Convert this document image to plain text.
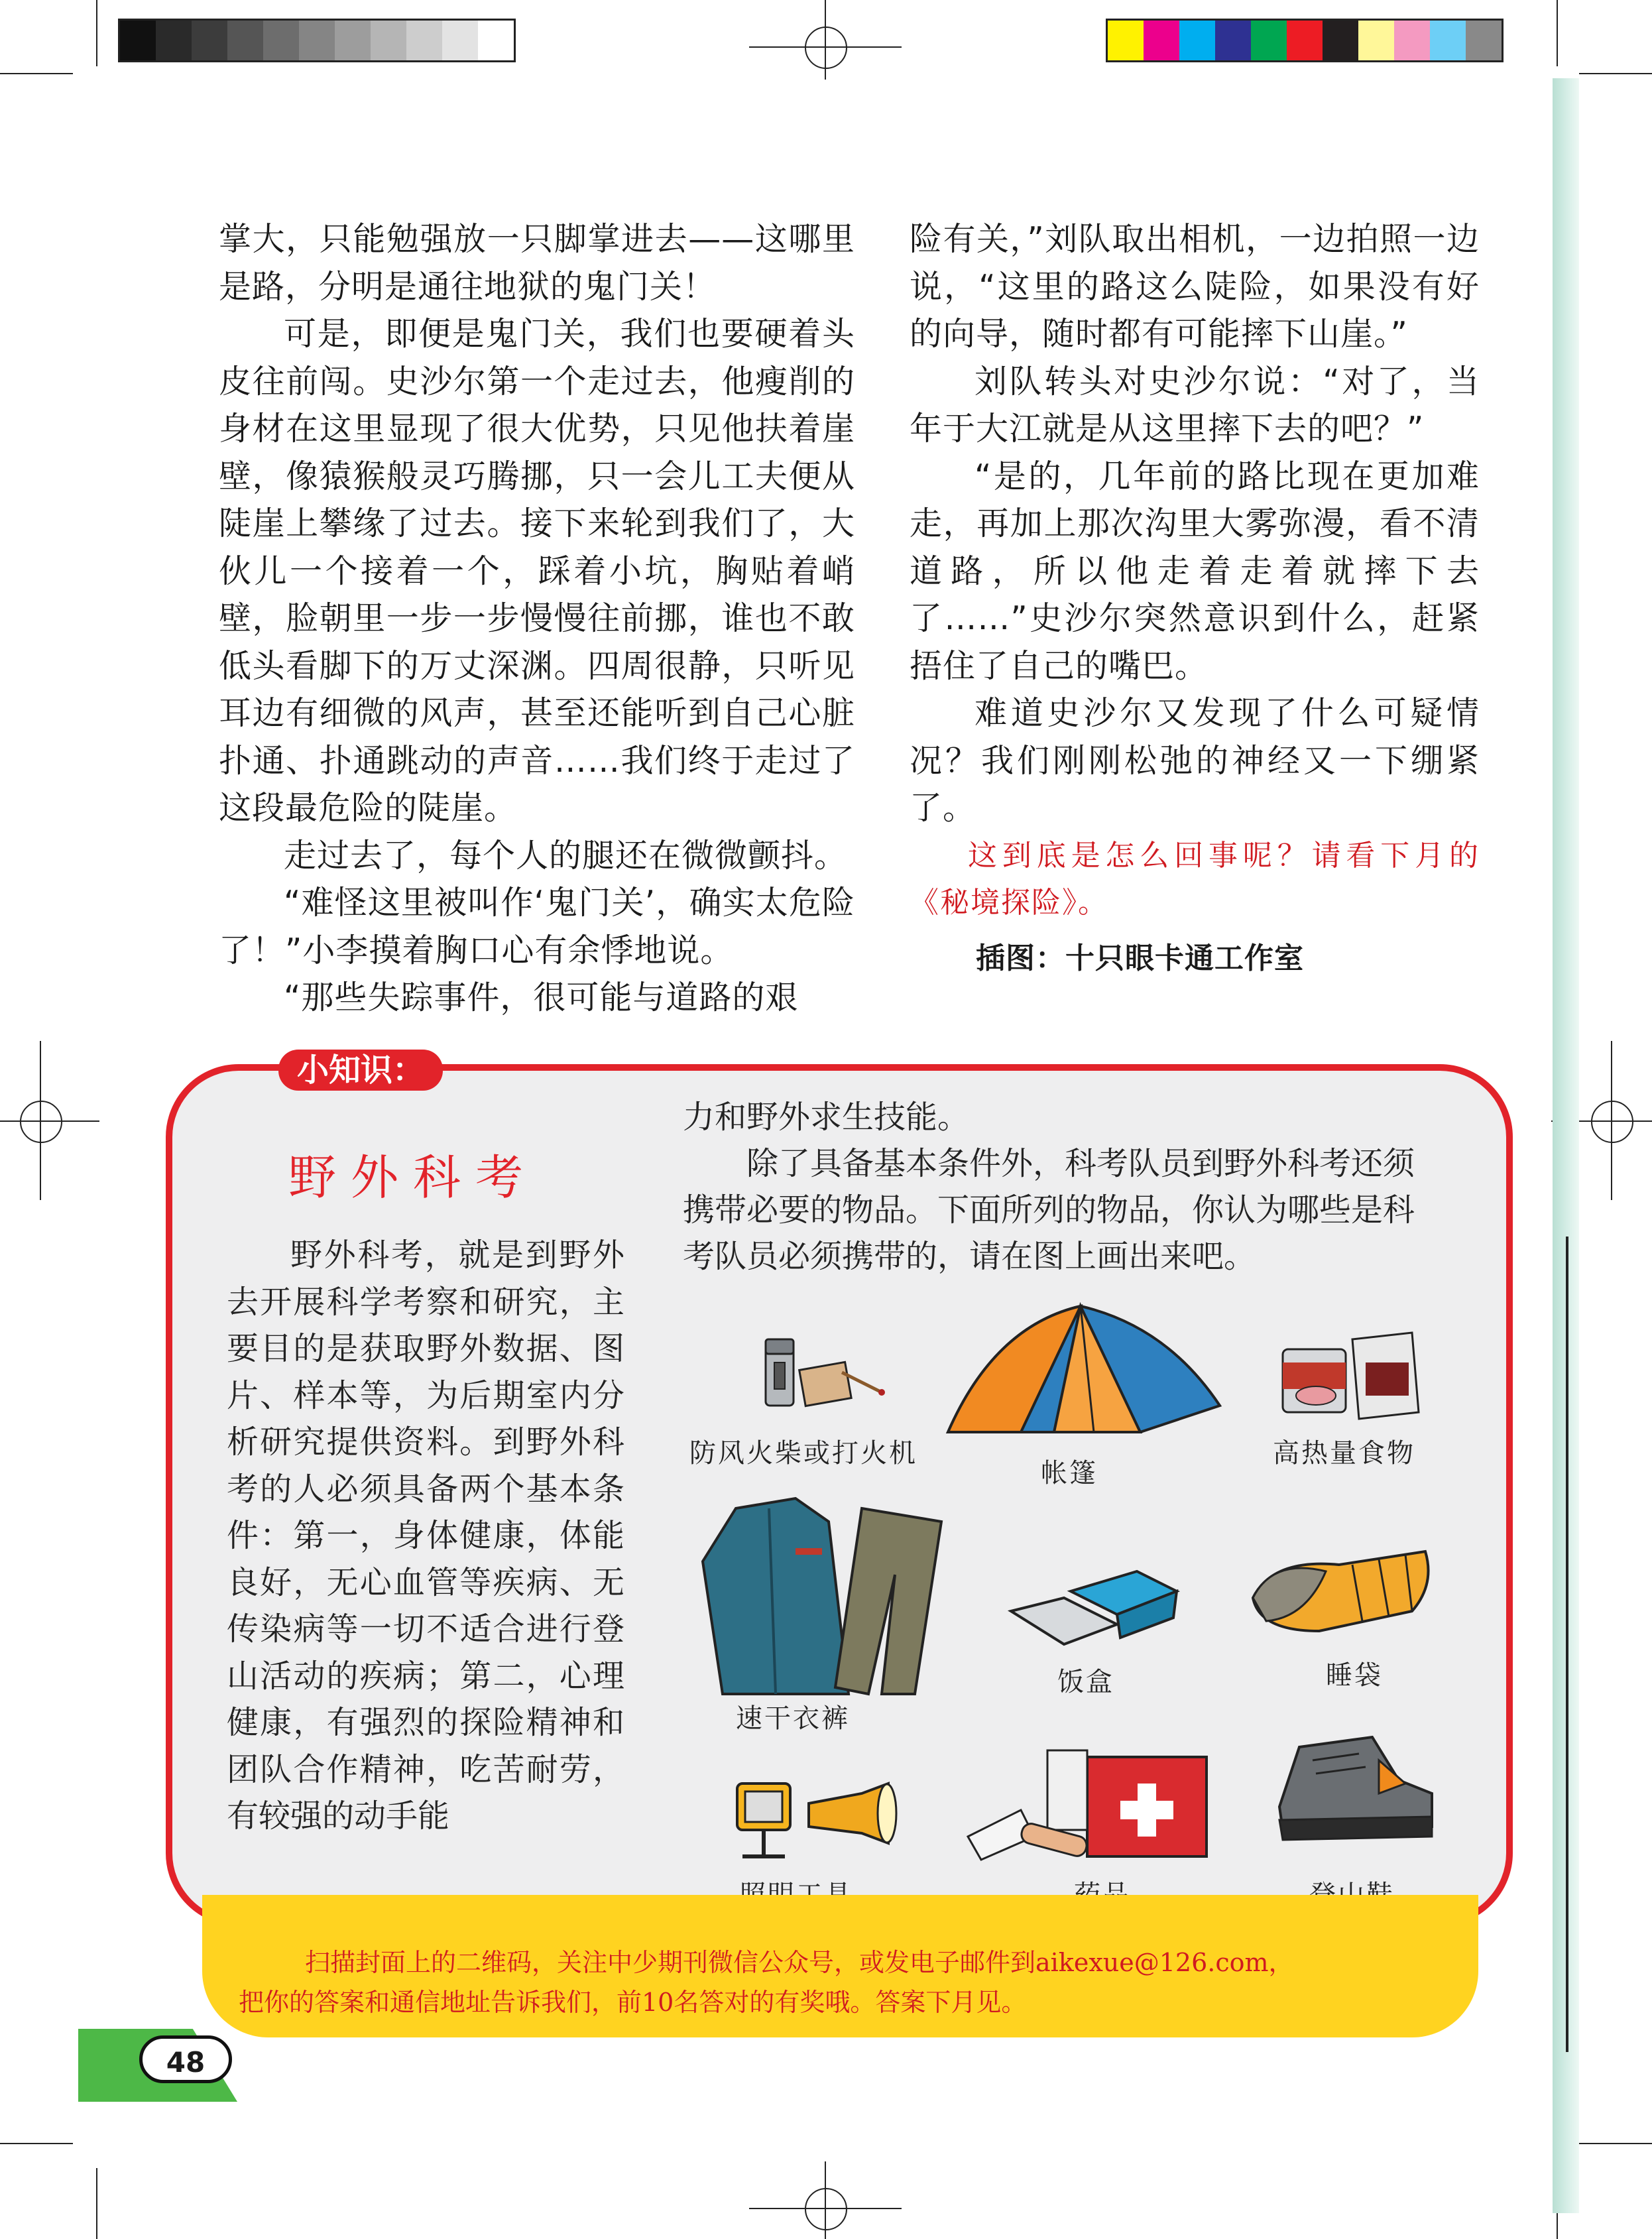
掌大，只能勉强放一只脚掌进去——这哪里是路，分明是通往地狱的鬼门关！

可是，即便是鬼门关，我们也要硬着头皮往前闯。史沙尔第一个走过去，他瘦削的身材在这里显现了很大优势，只见他扶着崖壁，像猿猴般灵巧腾挪，只一会儿工夫便从陡崖上攀缘了过去。接下来轮到我们了，大伙儿一个接着一个，踩着小坑，胸贴着峭壁，脸朝里一步一步慢慢往前挪，谁也不敢低头看脚下的万丈深渊。四周很静，只听见耳边有细微的风声，甚至还能听到自己心脏扑通、扑通跳动的声音……我们终于走过了这段最危险的陡崖。

走过去了，每个人的腿还在微微颤抖。

“难怪这里被叫作‘鬼门关’，确实太危险了！”小李摸着胸口心有余悸地说。

“那些失踪事件，很可能与道路的艰

险有关，”刘队取出相机，一边拍照一边说，“这里的路这么陡险，如果没有好的向导，随时都有可能摔下山崖。”

刘队转头对史沙尔说：“对了，当年于大江就是从这里摔下去的吧？”

“是的，几年前的路比现在更加难走，再加上那次沟里大雾弥漫，看不清道路，所以他走着走着就摔下去了……”史沙尔突然意识到什么，赶紧捂住了自己的嘴巴。

难道史沙尔又发现了什么可疑情况？我们刚刚松弛的神经又一下绷紧了。

这到底是怎么回事呢？请看下月的《秘境探险》。

插图：十只眼卡通工作室

小知识：
野外科考

野外科考，就是到野外去开展科学考察和研究，主要目的是获取野外数据、图片、样本等，为后期室内分析研究提供资料。到野外科考的人必须具备两个基本条件：第一，身体健康，体能良好，无心血管等疾病、无传染病等一切不适合进行登山活动的疾病；第二，心理健康，有强烈的探险精神和团队合作精神，吃苦耐劳，有较强的动手能

力和野外求生技能。

除了具备基本条件外，科考队员到野外科考还须携带必要的物品。下面所列的物品，你认为哪些是科考队员必须携带的，请在图上画出来吧。

防风火柴或打火机
帐篷
高热量食物
速干衣裤
饭盒	睡袋

扫描封面上的二维码，关注中少期刊微信公众号，或发电子邮件到aikexue@126.com，

把你的答案和通信地址告诉我们，前10名答对的有奖哦。答案下月见。

48
